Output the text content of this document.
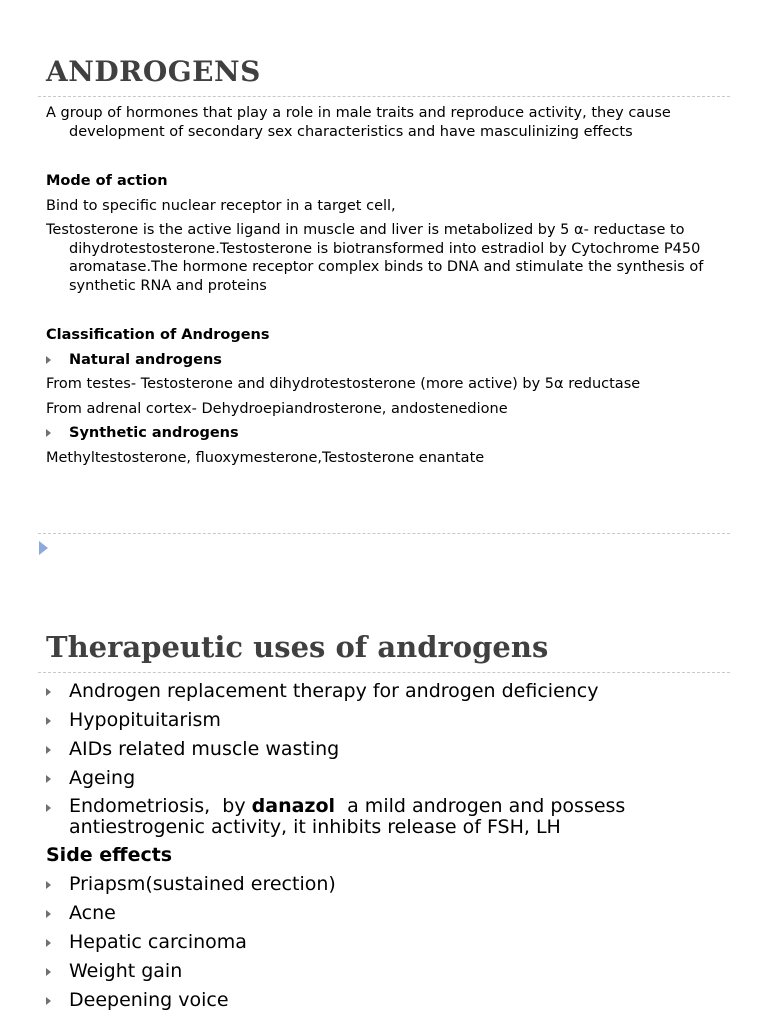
ANDROGENS

A group of hormones that play a role in male traits and reproduce activity, they cause development of secondary sex characteristics and have masculinizing effects

Mode of action

Bind to specific nuclear receptor in a target cell,

Testosterone is the active ligand in muscle and liver is metabolized by 5 α- reductase to dihydrotestosterone.Testosterone is biotransformed into estradiol by Cytochrome P450 aromatase.The hormone receptor complex binds to DNA and stimulate the synthesis of synthetic RNA and proteins

Classification of Androgens

Natural androgens

From testes- Testosterone and dihydrotestosterone (more active) by 5α reductase

From adrenal cortex- Dehydroepiandrosterone, andostenedione

Synthetic androgens

Methyltestosterone, fluoxymesterone,Testosterone enantate

Therapeutic uses of androgens
Androgen replacement therapy for androgen deficiency
Hypopituitarism
AIDs related muscle wasting
Ageing
Endometriosis,  by danazol  a mild androgen and possess antiestrogenic activity, it inhibits release of FSH, LH

Side effects

Priapsm(sustained erection)
Acne
Hepatic carcinoma
Weight gain
Deepening voice
